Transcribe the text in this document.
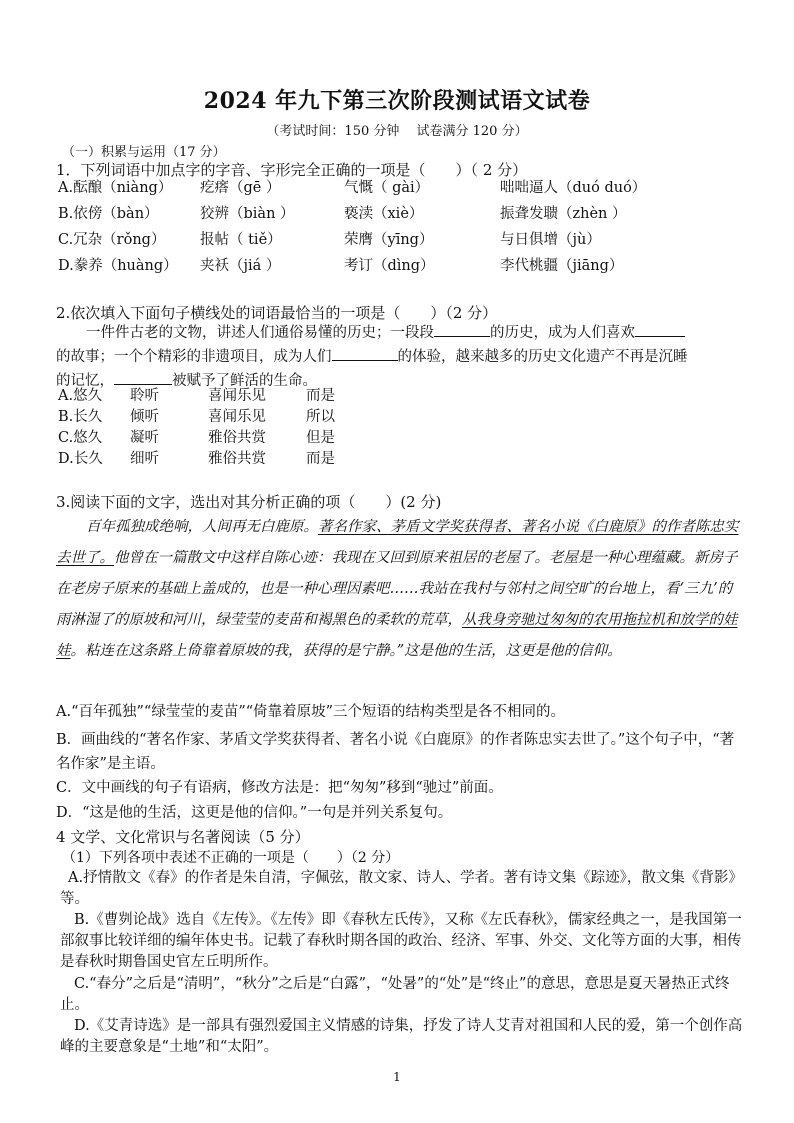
2024 年九下第三次阶段测试语文试卷
（考试时间：150 分钟　 试卷满分 120 分）
（一）积累与运用（17 分）
1．下列词语中加点字的字音、字形完全正确的一项是（　　）（ 2 分）
A.酝酿（niàng） 疙瘩（gē ）	气慨（ gài）	咄咄逼人（duó duó）
B.依傍（bàn）	狡辨（biàn ）	亵渎（xiè）	振聋发聩（zhèn ）
C.冗杂（rǒng） 报帖（ tiě）	荣膺（yīng）	与日俱增（jù）
D.豢养（huàng） 夹袄（jiá ）	考订（dìng）	李代桃疆（jiāng）
2.依次填入下面句子横线处的词语最恰当的一项是（　　）（2 分）
一件件古老的文物，讲述人们通俗易懂的历史；一段段	的历史，成为人们喜欢
的故事；一个个精彩的非遗项目，成为人们	的体验，越来越多的历史文化遗产不再是沉睡
的记忆，	被赋予了鲜活的生命。
A.悠久 聆听	喜闻乐见	而是
B.长久 倾听	喜闻乐见	所以
C.悠久 凝听	雅俗共赏	但是
D.长久 细听	雅俗共赏	而是
3.阅读下面的文字，选出对其分析正确的项（　　）(2 分)
百年孤独成绝响，人间再无白鹿原。著名作家、茅盾文学奖获得者、著名小说《白鹿原》的作者陈忠实去世了。他曾在一篇散文中这样自陈心迹：我现在又回到原来祖居的老屋了。老屋是一种心理蕴藏。新房子在老房子原来的基础上盖成的，也是一种心理因素吧……我站在我村与邻村之间空旷的台地上，看‘三九’的雨淋湿了的原坡和河川，绿莹莹的麦苗和褐黑色的柔软的荒草，从我身旁驰过匆匆的农用拖拉机和放学的娃娃。粘连在这条路上倚靠着原坡的我，获得的是宁静。”这是他的生活，这更是他的信仰。
A.“百年孤独”“绿莹莹的麦苗”“倚靠着原坡”三个短语的结构类型是各不相同的。
B．画曲线的“著名作家、茅盾文学奖获得者、著名小说《白鹿原》的作者陈忠实去世了。”这个句子中，“著名作家”是主语。
C．文中画线的句子有语病，修改方法是：把“匆匆”移到“驰过”前面。
D．“这是他的生活，这更是他的信仰。”一句是并列关系复句。
4 文学、文化常识与名著阅读（5 分）
（1）下列各项中表述不正确的一项是（　　）（2 分）
A.抒情散文《春》的作者是朱自清，字佩弦，散文家、诗人、学者。著有诗文集《踪迹》，散文集《背影》等。
B.《曹刿论战》选自《左传》。《左传》即《春秋左氏传》，又称《左氏春秋》，儒家经典之一，是我国第一部叙事比较详细的编年体史书。记载了春秋时期各国的政治、经济、军事、外交、文化等方面的大事，相传是春秋时期鲁国史官左丘明所作。
C.“春分”之后是“清明”，“秋分”之后是“白露”，“处暑”的“处”是“终止”的意思，意思是夏天暑热正式终止。
D.《艾青诗选》是一部具有强烈爱国主义情感的诗集，抒发了诗人艾青对祖国和人民的爱，第一个创作高峰的主要意象是“土地”和“太阳”。
1
